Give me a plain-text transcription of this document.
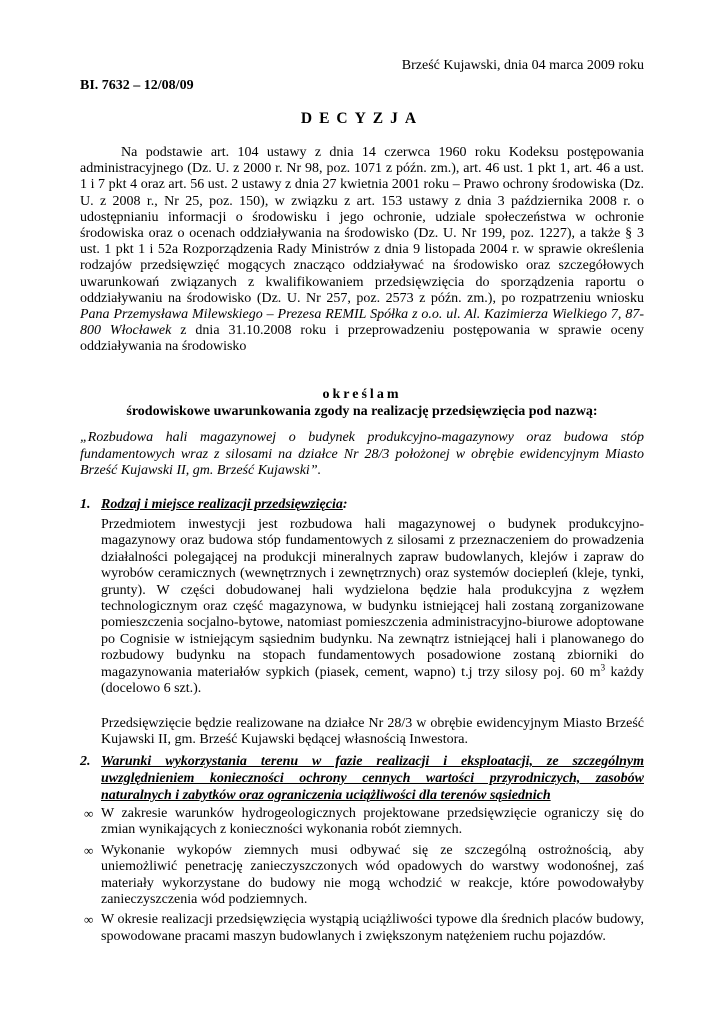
Brześć Kujawski, dnia 04 marca 2009 roku
BI. 7632 – 12/08/09
DECYZJA

Na podstawie art. 104 ustawy z dnia 14 czerwca 1960 roku Kodeksu postępowania administracyjnego (Dz. U. z 2000 r. Nr 98, poz. 1071 z późn. zm.), art. 46 ust. 1 pkt 1, art. 46 a ust. 1 i 7 pkt 4 oraz art. 56 ust. 2 ustawy z dnia 27 kwietnia 2001 roku – Prawo ochrony środowiska (Dz. U. z 2008 r., Nr 25, poz. 150), w związku z art. 153 ustawy z dnia 3 października 2008 r. o udostępnianiu informacji o środowisku i jego ochronie, udziale społeczeństwa w ochronie środowiska oraz o ocenach oddziaływania na środowisko (Dz. U. Nr 199, poz. 1227), a także § 3 ust. 1 pkt 1 i 52a Rozporządzenia Rady Ministrów z dnia 9 listopada 2004 r. w sprawie określenia rodzajów przedsięwzięć mogących znacząco oddziaływać na środowisko oraz szczegółowych uwarunkowań związanych z kwalifikowaniem przedsięwzięcia do sporządzenia raportu o oddziaływaniu na środowisko (Dz. U. Nr 257, poz. 2573 z późn. zm.), po rozpatrzeniu wniosku Pana Przemysława Milewskiego – Prezesa REMIL Spółka z o.o. ul. Al. Kazimierza Wielkiego 7, 87-800 Włocławek z dnia 31.10.2008 roku i przeprowadzeniu postępowania w sprawie oceny oddziaływania na środowisko

określam
środowiskowe uwarunkowania zgody na realizację przedsięwzięcia pod nazwą:

„Rozbudowa hali magazynowej o budynek produkcyjno-magazynowy oraz budowa stóp fundamentowych wraz z silosami na działce Nr 28/3 położonej w obrębie ewidencyjnym Miasto Brześć Kujawski II, gm. Brześć Kujawski”.

1. Rodzaj i miejsce realizacji przedsięwzięcia:

Przedmiotem inwestycji jest rozbudowa hali magazynowej o budynek produkcyjno-magazynowy oraz budowa stóp fundamentowych z silosami z przeznaczeniem do prowadzenia działalności polegającej na produkcji mineralnych zapraw budowlanych, klejów i zapraw do wyrobów ceramicznych (wewnętrznych i zewnętrznych) oraz systemów dociepleń (kleje, tynki, grunty). W części dobudowanej hali wydzielona będzie hala produkcyjna z węzłem technologicznym oraz część magazynowa, w budynku istniejącej hali zostaną zorganizowane pomieszczenia socjalno-bytowe, natomiast pomieszczenia administracyjno-biurowe adoptowane po Cognisie w istniejącym sąsiednim budynku. Na zewnątrz istniejącej hali i planowanego do rozbudowy budynku na stopach fundamentowych posadowione zostaną zbiorniki do magazynowania materiałów sypkich (piasek, cement, wapno) t.j trzy silosy poj. 60 $m^3$ każdy (docelowo 6 szt.).

Przedsięwzięcie będzie realizowane na działce Nr 28/3 w obrębie ewidencyjnym Miasto Brześć Kujawski II, gm. Brześć Kujawski będącej własnością Inwestora.

2. Warunki wykorzystania terenu w fazie realizacji i eksploatacji, ze szczególnym uwzględnieniem konieczności ochrony cennych wartości przyrodniczych, zasobów naturalnych i zabytków oraz ograniczenia uciążliwości dla terenów sąsiednich
∞ W zakresie warunków hydrogeologicznych projektowane przedsięwzięcie ograniczy się do zmian wynikających z konieczności wykonania robót ziemnych.
∞ Wykonanie wykopów ziemnych musi odbywać się ze szczególną ostrożnością, aby uniemożliwić penetrację zanieczyszczonych wód opadowych do warstwy wodonośnej, zaś materiały wykorzystane do budowy nie mogą wchodzić w reakcje, które powodowałyby zanieczyszczenia wód podziemnych.
∞ W okresie realizacji przedsięwzięcia wystąpią uciążliwości typowe dla średnich placów budowy, spowodowane pracami maszyn budowlanych i zwiększonym natężeniem ruchu pojazdów.
